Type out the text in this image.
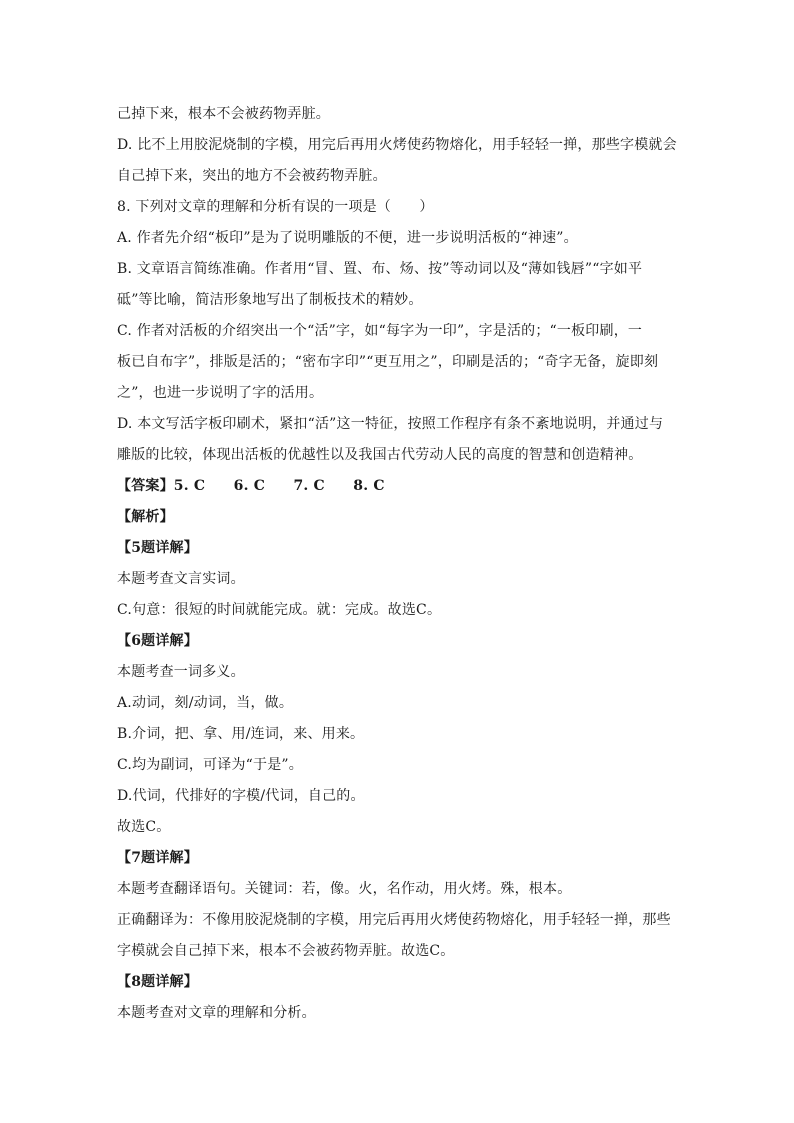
己掉下来，根本不会被药物弄脏。
D. 比不上用胶泥烧制的字模，用完后再用火烤使药物熔化，用手轻轻一掸，那些字模就会
自己掉下来，突出的地方不会被药物弄脏。
8. 下列对文章的理解和分析有误的一项是（　　）
A. 作者先介绍“板印”是为了说明雕版的不便，进一步说明活板的“神速”。
B. 文章语言简练准确。作者用“冒、置、布、炀、按”等动词以及“薄如钱唇”“字如平
砥”等比喻，简洁形象地写出了制板技术的精妙。
C. 作者对活板的介绍突出一个“活”字，如“每字为一印”，字是活的；“一板印刷，一
板已自布字”，排版是活的；“密布字印”“更互用之”，印刷是活的；“奇字无备，旋即刻
之”，也进一步说明了字的活用。
D. 本文写活字板印刷术，紧扣“活”这一特征，按照工作程序有条不紊地说明，并通过与
雕版的比较，体现出活板的优越性以及我国古代劳动人民的高度的智慧和创造精神。
【答案】5. C　　6. C　　7. C　　8. C
【解析】
【5题详解】
本题考查文言实词。
C.句意：很短的时间就能完成。就：完成。故选C。
【6题详解】
本题考查一词多义。
A.动词，刻/动词，当，做。
B.介词，把、拿、用/连词，来、用来。
C.均为副词，可译为“于是”。
D.代词，代排好的字模/代词，自己的。
故选C。
【7题详解】
本题考查翻译语句。关键词：若，像。火，名作动，用火烤。殊，根本。
正确翻译为：不像用胶泥烧制的字模，用完后再用火烤使药物熔化，用手轻轻一掸，那些
字模就会自己掉下来，根本不会被药物弄脏。故选C。
【8题详解】
本题考查对文章的理解和分析。
